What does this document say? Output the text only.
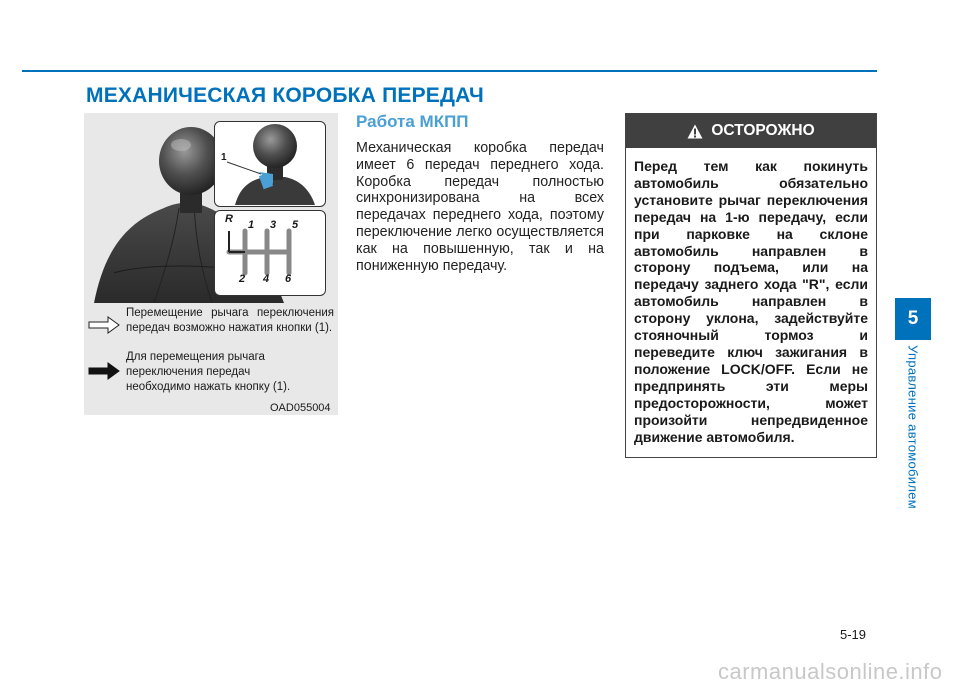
МЕХАНИЧЕСКАЯ КОРОБКА ПЕРЕДАЧ
1
R 1 3 5
2 4 6
Перемещение рычага переключения передач возможно нажатия кнопки (1).
Для перемещения рычага переключения передач необходимо нажать кнопку (1).
OAD055004
Работа МКПП

Механическая коробка передач имеет 6 передач переднего хода. Коробка передач полностью синхронизирована на всех передачах переднего хода, поэтому переключение легко осуществляется как на повышенную, так и на пониженную передачу.

ОСТОРОЖНО
Перед тем как покинуть автомобиль обязательно установите рычаг переключения передач на 1-ю передачу, если при парковке на склоне автомобиль направлен в сторону подъема, или на передачу заднего хода "R", если автомобиль направлен в сторону уклона, задействуйте стояночный тормоз и переведите ключ зажигания в положение LOCK/OFF. Если не предпринять эти меры предосторожности, может произойти непредвиденное движение автомобиля.
5
Управление автомобилем
5-19
carmanualsonline.info
